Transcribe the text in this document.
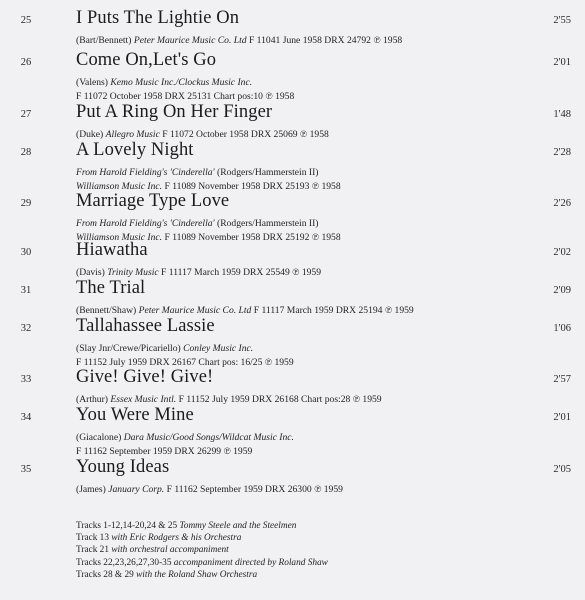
25	I Puts The Lightie On	2'55
(Bart/Bennett) Peter Maurice Music Co. Ltd F 11041 June 1958 DRX 24792 ℗ 1958
26	Come On,Let's Go	2'01
(Valens) Kemo Music Inc./Clockus Music Inc.
F 11072 October 1958 DRX 25131 Chart pos:10 ℗ 1958
27	Put A Ring On Her Finger	1'48
(Duke) Allegro Music F 11072 October 1958 DRX 25069 ℗ 1958
28	A Lovely Night	2'28
From Harold Fielding's 'Cinderella' (Rodgers/Hammerstein II)
Williamson Music Inc. F 11089 November 1958 DRX 25193 ℗ 1958
29	Marriage Type Love	2'26
From Harold Fielding's 'Cinderella' (Rodgers/Hammerstein II)
Williamson Music Inc. F 11089 November 1958 DRX 25192 ℗ 1958
30	Hiawatha	2'02
(Davis) Trinity Music F 11117 March 1959 DRX 25549 ℗ 1959
31	The Trial	2'09
(Bennett/Shaw) Peter Maurice Music Co. Ltd F 11117 March 1959 DRX 25194 ℗ 1959
32	Tallahassee Lassie	1'06
(Slay Jnr/Crewe/Picariello) Conley Music Inc.
F 11152 July 1959 DRX 26167 Chart pos: 16/25 ℗ 1959
33	Give! Give! Give!	2'57
(Arthur) Essex Music Intl. F 11152 July 1959 DRX 26168 Chart pos:28 ℗ 1959
34	You Were Mine	2'01
(Giacalone) Dara Music/Good Songs/Wildcat Music Inc.
F 11162 September 1959 DRX 26299 ℗ 1959
35	Young Ideas	2'05
(James) January Corp. F 11162 September 1959 DRX 26300 ℗ 1959
Tracks 1-12,14-20,24 & 25 Tommy Steele and the Steelmen
Track 13 with Eric Rodgers & his Orchestra
Track 21 with orchestral accompaniment
Tracks 22,23,26,27,30-35 accompaniment directed by Roland Shaw
Tracks 28 & 29 with the Roland Shaw Orchestra
